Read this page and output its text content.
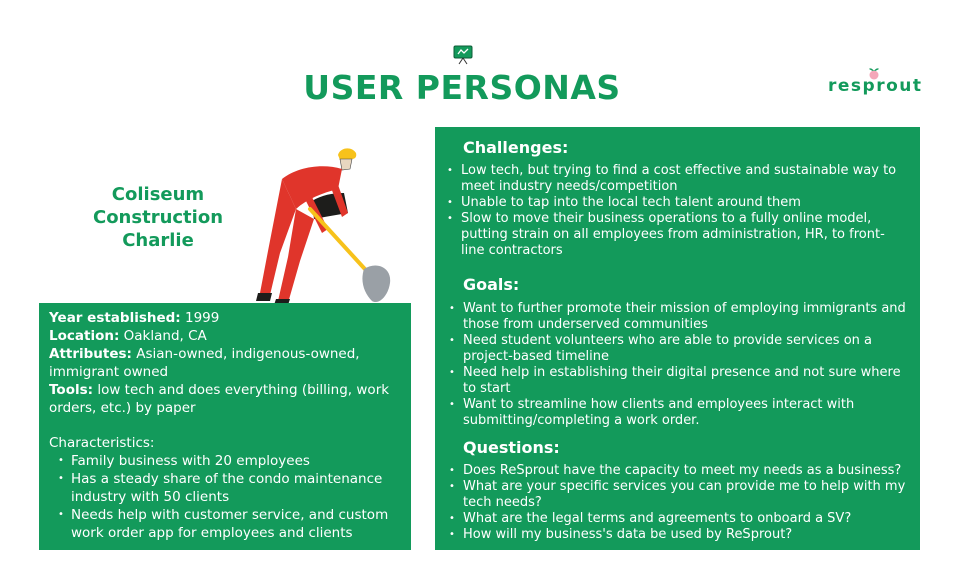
USER PERSONAS	resprout
Coliseum
Construction
Charlie

Year established: 1999

Location: Oakland, CA

Attributes: Asian-owned, indigenous-owned, immigrant owned

Tools: low tech and does everything (billing, work orders, etc.) by paper

Characteristics:

• Family business with 20 employees
• Has a steady share of the condo maintenance industry with 50 clients
• Needs help with customer service, and custom work order app for employees and clients
Challenges:
• Low tech, but trying to find a cost effective and sustainable way to meet industry needs/competition
• Unable to tap into the local tech talent around them
• Slow to move their business operations to a fully online model, putting strain on all employees from administration, HR, to front-line contractors
Goals:
• Want to further promote their mission of employing immigrants and those from underserved communities
• Need student volunteers who are able to provide services on a project-based timeline
• Need help in establishing their digital presence and not sure where to start
• Want to streamline how clients and employees interact with submitting/completing a work order.
Questions:
• Does ReSprout have the capacity to meet my needs as a business?
• What are your specific services you can provide me to help with my tech needs?
• What are the legal terms and agreements to onboard a SV?
• How will my business's data be used by ReSprout?
